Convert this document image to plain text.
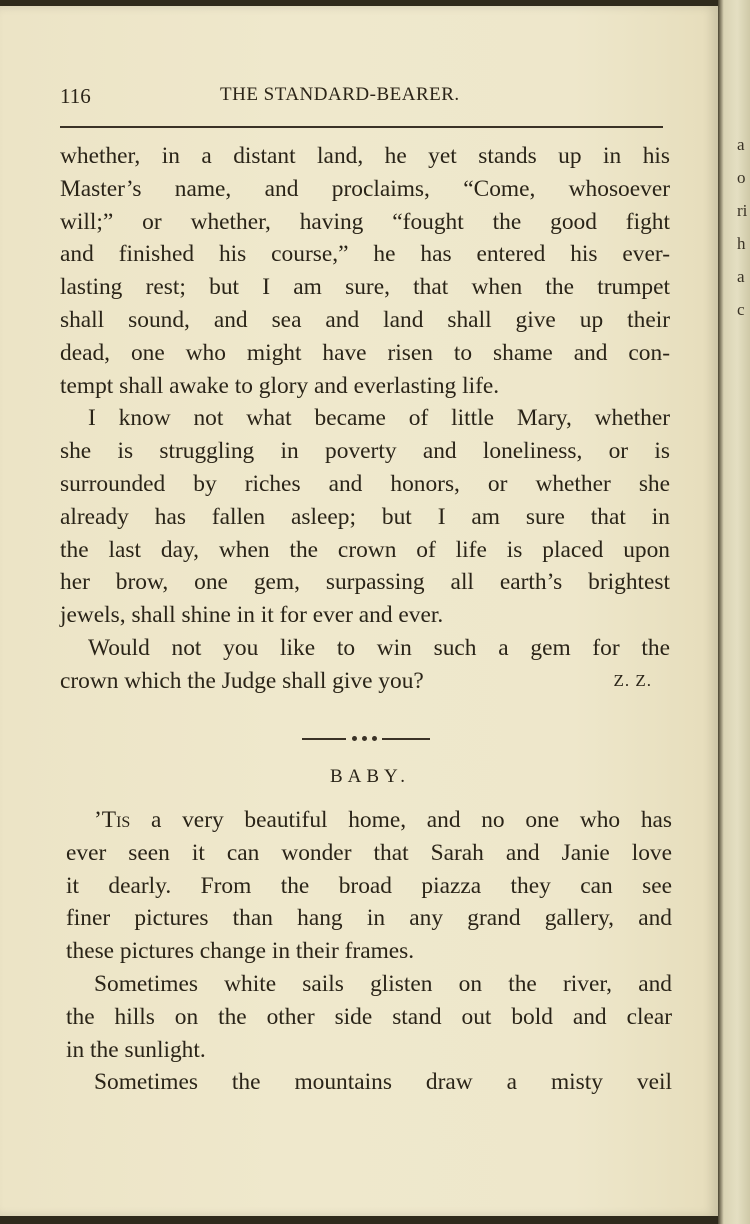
a
o
ri
h
a
c
116	THE STANDARD-BEARER.
whether, in a distant land, he yet stands up in his
Master’s name, and proclaims, “Come, whosoever
will;” or whether, having “fought the good fight
and finished his course,” he has entered his ever-
lasting rest; but I am sure, that when the trumpet
shall sound, and sea and land shall give up their
dead, one who might have risen to shame and con-
tempt shall awake to glory and everlasting life.
I know not what became of little Mary, whether
she is struggling in poverty and loneliness, or is
surrounded by riches and honors, or whether she
already has fallen asleep; but I am sure that in
the last day, when the crown of life is placed upon
her brow, one gem, surpassing all earth’s brightest
jewels, shall shine in it for ever and ever.
Would not you like to win such a gem for the
crown which the Judge shall give you?	Z. Z.
BABY.
’Tis a very beautiful home, and no one who has
ever seen it can wonder that Sarah and Janie love
it dearly. From the broad piazza they can see
finer pictures than hang in any grand gallery, and
these pictures change in their frames.
Sometimes white sails glisten on the river, and
the hills on the other side stand out bold and clear
in the sunlight.
Sometimes the mountains draw a misty veil
